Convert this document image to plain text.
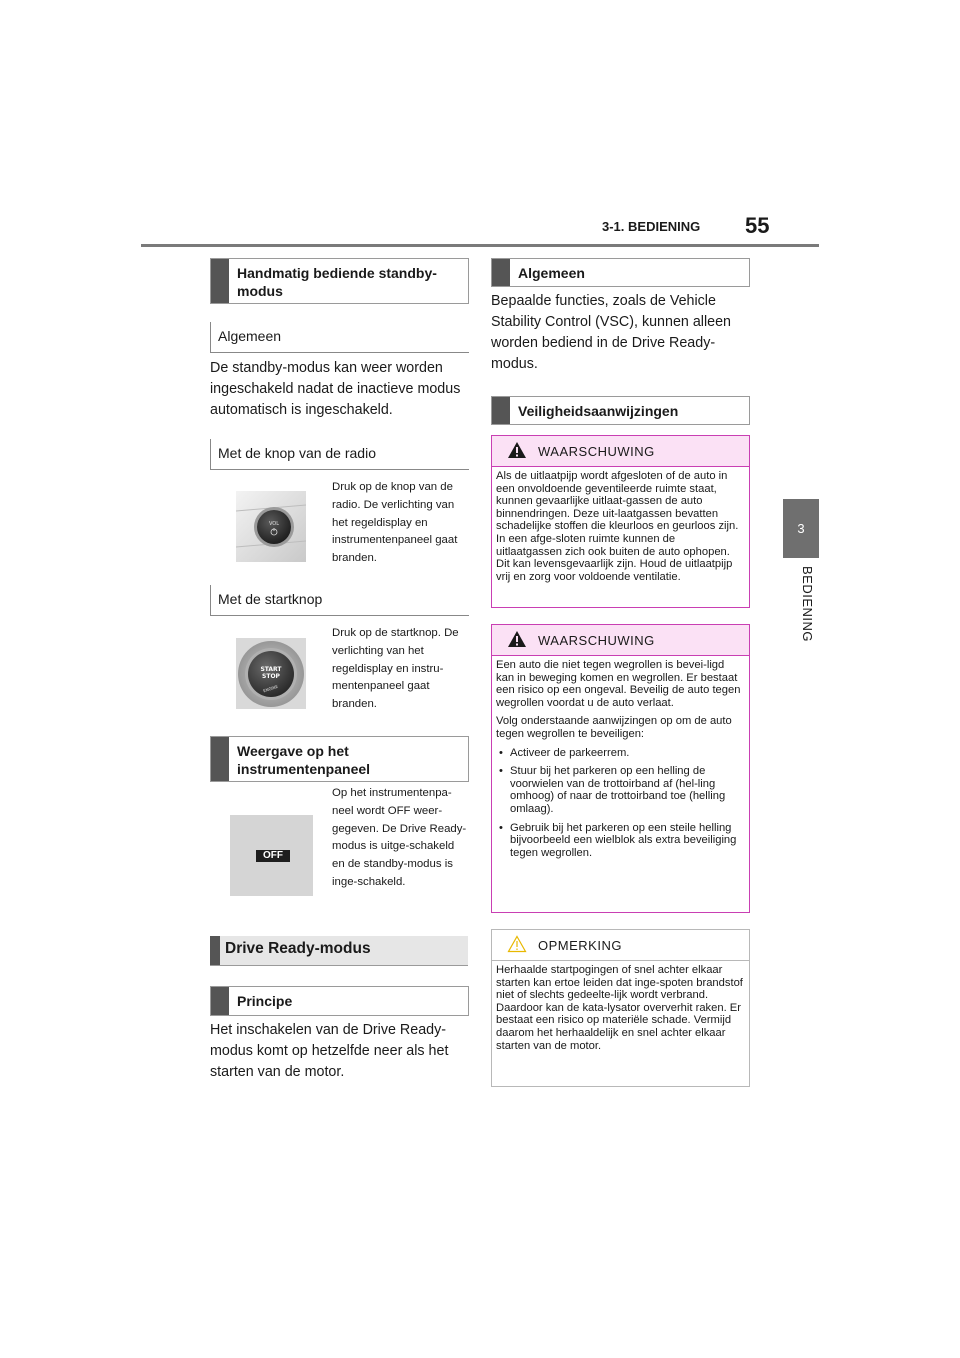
3-1. BEDIENING 55
3
BEDIENING
Handmatig bediende standby-modus
Algemeen
De standby-modus kan weer worden ingeschakeld nadat de inactieve modus automatisch is ingeschakeld.
Met de knop van de radio
VOL
Druk op de knop van de radio. De verlichting van het regeldisplay en instrumentenpaneel gaat branden.
Met de startknop
START
STOP
ENGINE
Druk op de startknop. De verlichting van het regeldisplay en instru-mentenpaneel gaat branden.
Weergave op het instrumentenpaneel
OFF
Op het instrumentenpa-neel wordt OFF weer-gegeven. De Drive Ready-modus is uitge-schakeld en de standby-modus is inge-schakeld.
Drive Ready-modus
Principe
Het inschakelen van de Drive Ready-modus komt op hetzelfde neer als het starten van de motor.
Algemeen
Bepaalde functies, zoals de Vehicle Stability Control (VSC), kunnen alleen worden bediend in de Drive Ready-modus.
Veiligheidsaanwijzingen
WAARSCHUWING
Als de uitlaatpijp wordt afgesloten of de auto in een onvoldoende geventileerde ruimte staat, kunnen gevaarlijke uitlaat-gassen de auto binnendringen. Deze uit-laatgassen bevatten schadelijke stoffen die kleurloos en geurloos zijn. In een afge-sloten ruimte kunnen de uitlaatgassen zich ook buiten de auto ophopen. Dit kan levensgevaarlijk zijn. Houd de uitlaatpijp vrij en zorg voor voldoende ventilatie.
WAARSCHUWING

Een auto die niet tegen wegrollen is bevei-ligd kan in beweging komen en wegrollen. Er bestaat een risico op een ongeval. Beveilig de auto tegen wegrollen voordat u de auto verlaat.

Volg onderstaande aanwijzingen op om de auto tegen wegrollen te beveiligen:

• Activeer de parkeerrem.
• Stuur bij het parkeren op een helling de voorwielen van de trottoirband af (hel-ling omhoog) of naar de trottoirband toe (helling omlaag).
• Gebruik bij het parkeren op een steile helling bijvoorbeeld een wielblok als extra beveiliging tegen wegrollen.
OPMERKING
Herhaalde startpogingen of snel achter elkaar starten kan ertoe leiden dat inge-spoten brandstof niet of slechts gedeelte-lijk wordt verbrand. Daardoor kan de kata-lysator oververhit raken. Er bestaat een risico op materiële schade. Vermijd daarom het herhaaldelijk en snel achter elkaar starten van de motor.
